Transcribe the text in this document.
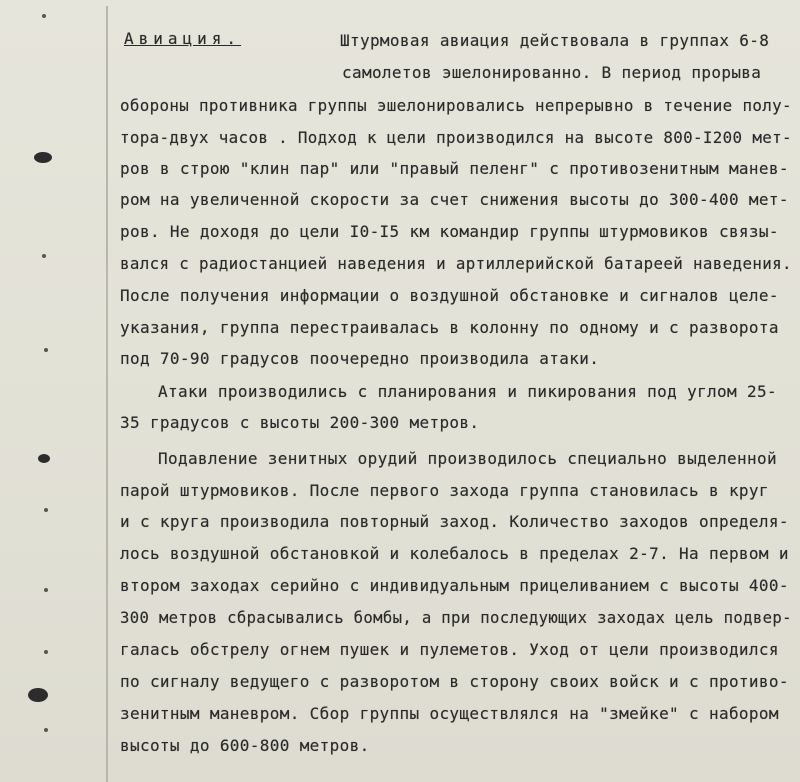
Авиация.	Штурмовая авиация действовала в группах 6-8
самолетов эшелонированно. В период прорыва
обороны противника группы эшелонировались непрерывно в течение полу-
тора-двух часов . Подход к цели производился на высоте 800-I200 мет-
ров в строю "клин пар" или "правый пеленг" с противозенитным манев-
ром на увеличенной скорости за счет снижения высоты до 300-400 мет-
ров. Не доходя до цели I0-I5 км командир группы штурмовиков связы-
вался с радиостанцией наведения и артиллерийской батареей наведения.
После получения информации о воздушной обстановке и сигналов целе-
указания, группа перестраивалась в колонну по одному и с разворота
под 70-90 градусов поочередно производила атаки.
Атаки производились с планирования и пикирования под углом 25-
35 градусов с высоты 200-300 метров.
Подавление зенитных орудий производилось специально выделенной
парой штурмовиков. После первого захода группа становилась в круг
и с круга производила повторный заход. Количество заходов определя-
лось воздушной обстановкой и колебалось в пределах 2-7. На первом и
втором заходах серийно с индивидуальным прицеливанием с высоты 400-
300 метров сбрасывались бомбы, а при последующих заходах цель подвер-
галась обстрелу огнем пушек и пулеметов. Уход от цели производился
по сигналу ведущего с разворотом в сторону своих войск и с противо-
зенитным маневром. Сбор группы осуществлялся на "змейке" с набором
высоты до 600-800 метров.
